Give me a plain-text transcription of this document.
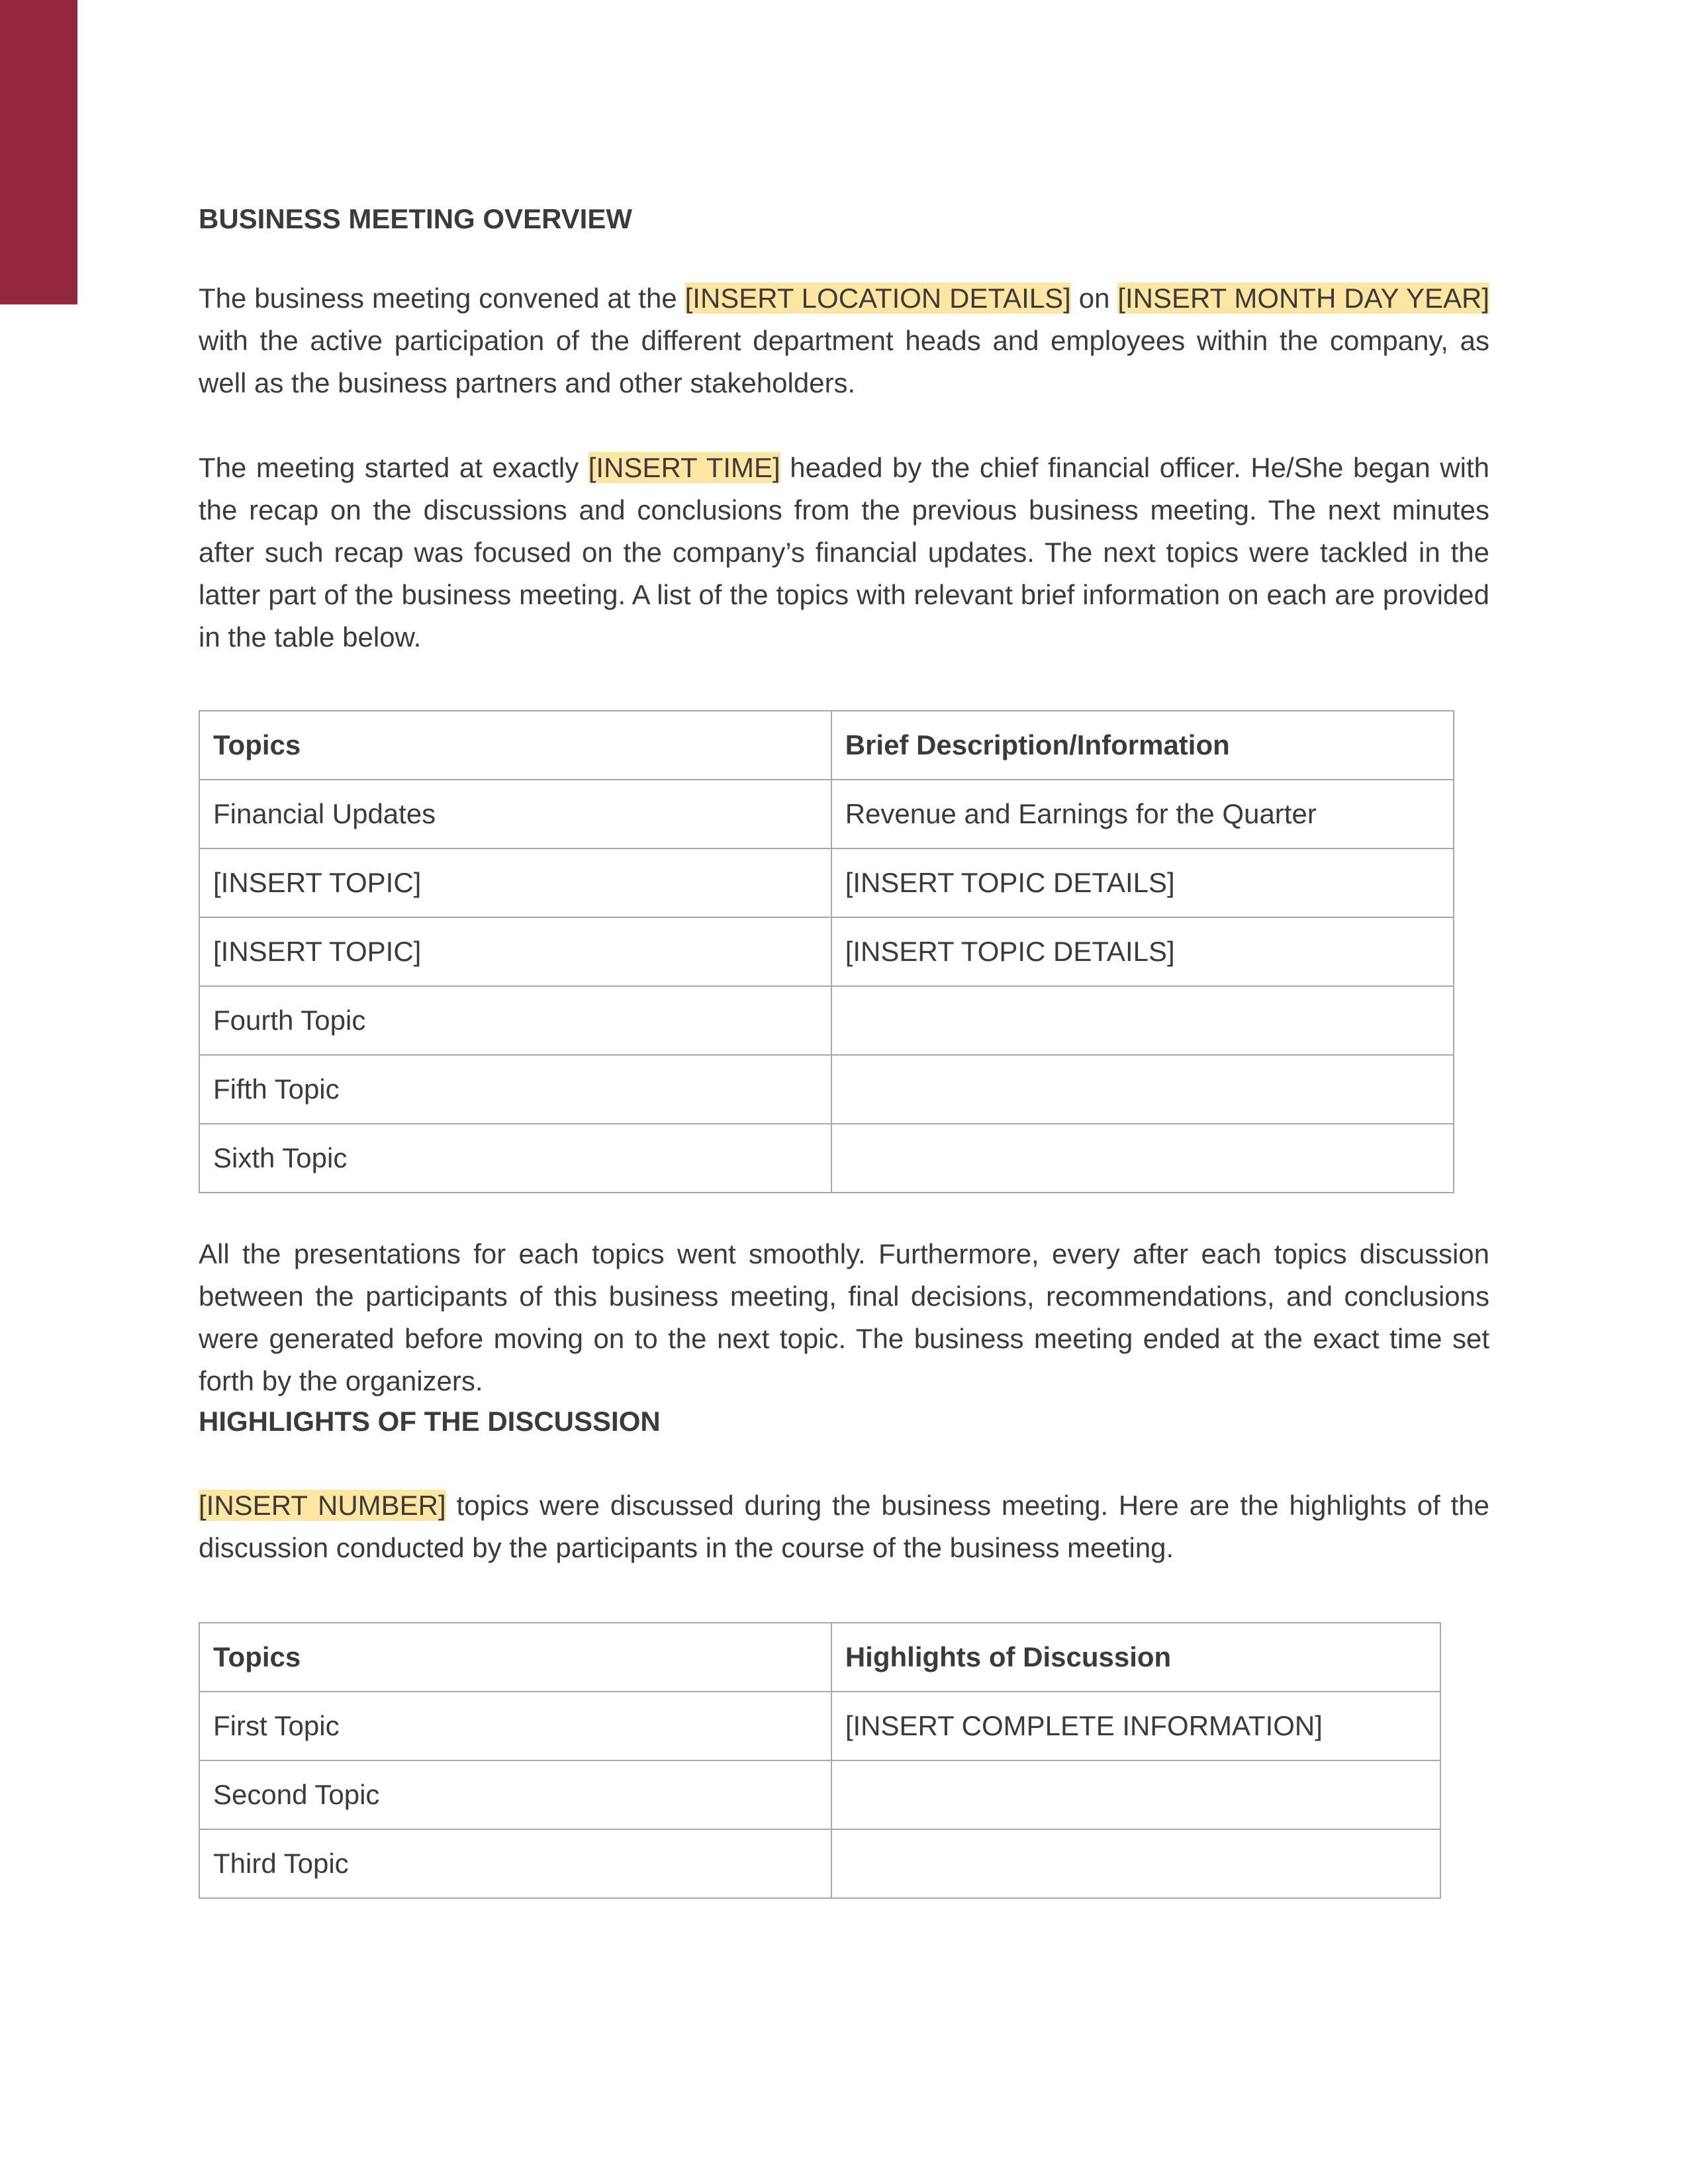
BUSINESS MEETING OVERVIEW

The business meeting convened at the [INSERT LOCATION DETAILS] on [INSERT MONTH DAY YEAR] with the active participation of the different department heads and employees within the company, as well as the business partners and other stakeholders.

The meeting started at exactly [INSERT TIME] headed by the chief financial officer. He/She began with the recap on the discussions and conclusions from the previous business meeting. The next minutes after such recap was focused on the company’s financial updates. The next topics were tackled in the latter part of the business meeting. A list of the topics with relevant brief information on each are provided in the table below.

Topics	Brief Description/Information
Financial Updates	Revenue and Earnings for the Quarter
[INSERT TOPIC]	[INSERT TOPIC DETAILS]
[INSERT TOPIC]	[INSERT TOPIC DETAILS]
Fourth Topic	
Fifth Topic	
Sixth Topic	

All the presentations for each topics went smoothly. Furthermore, every after each topics discussion between the participants of this business meeting, final decisions, recommendations, and conclusions were generated before moving on to the next topic. The business meeting ended at the exact time set forth by the organizers.

HIGHLIGHTS OF THE DISCUSSION

[INSERT NUMBER] topics were discussed during the business meeting. Here are the highlights of the discussion conducted by the participants in the course of the business meeting.

Topics	Highlights of Discussion
First Topic	[INSERT COMPLETE INFORMATION]
Second Topic	
Third Topic	
